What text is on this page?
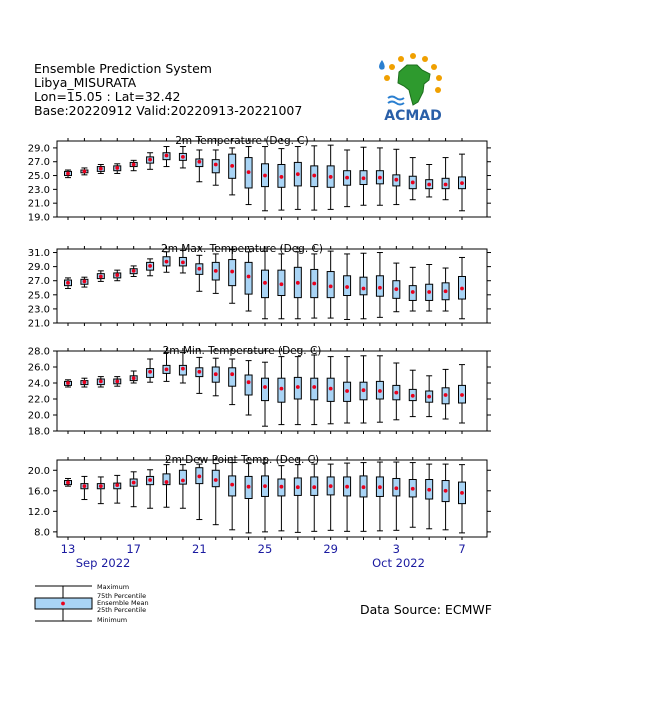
Ensemble Prediction System
Libya_MISURATA
Lon=15.05 : Lat=32.42
Base:20220912 Valid:20220913-20221007	ACMAD
2m Temperature (Deg. C)
29.0
27.0
25.0
23.0
21.0
19.0
2m Max. Temperature (Deg. C)
31.0
29.0
27.0
25.0
23.0
21.0
2m Min. Temperature (Deg. C)
28.0
26.0
24.0
22.0
20.0
18.0
2m Dew Point Temp. (Deg. C)
20.0
16.0
12.0
8.0
13	17	21	25	29	3	7
Sep 2022	Oct 2022
Maximum
75th Percentile
Ensemble Mean
25th Percentile
Minimum
Data Source: ECMWF
